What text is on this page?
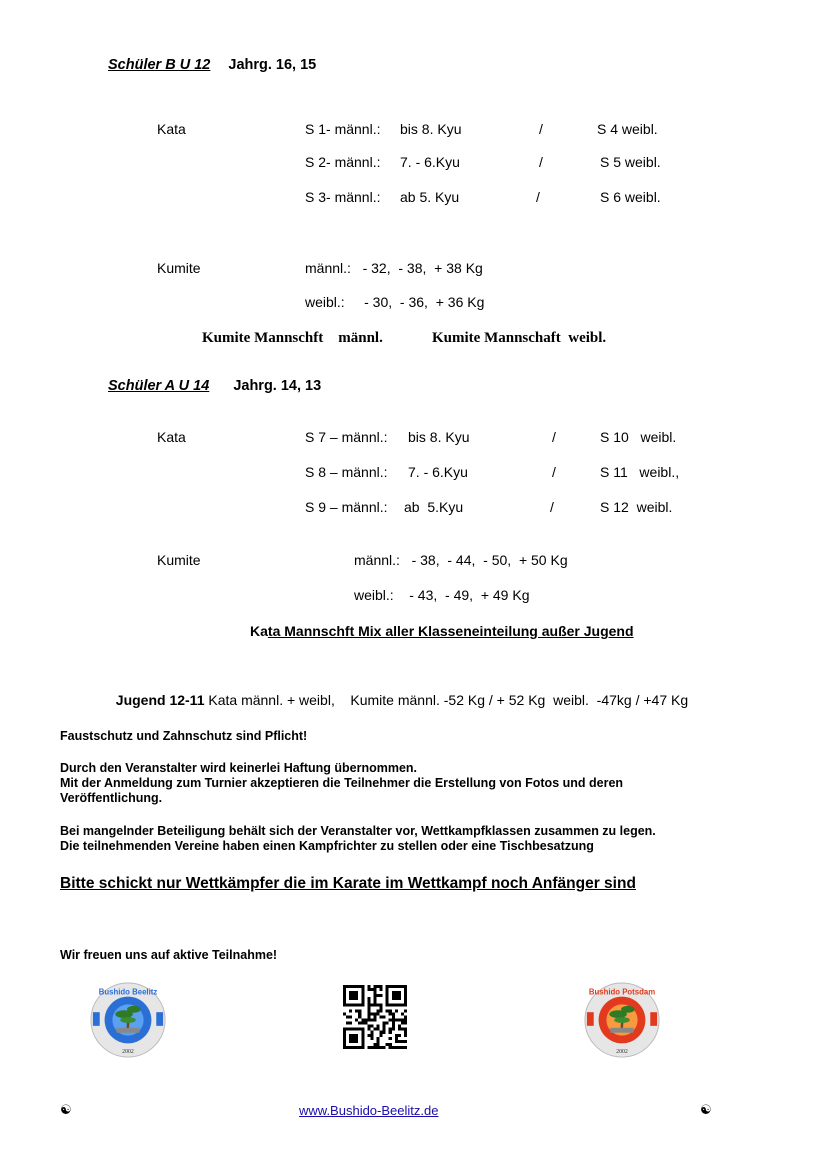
Schüler B U 12 Jahrg. 16, 15
Kata	S 1- männl.: bis 8. Kyu	/	S 4 weibl.
S 2- männl.: 7. - 6.Kyu	/	S 5 weibl.
S 3- männl.: ab 5. Kyu	/	S 6 weibl.
Kumite	männl.:   - 32,  - 38,  + 38 Kg
weibl.:     - 30,  - 36,  + 36 Kg
Kumite Mannschft    männl.	Kumite Mannschaft  weibl.
Schüler A U 14 Jahrg. 14, 13
Kata	S 7 – männl.: bis 8. Kyu	/	S 10   weibl.
S 8 – männl.: 7. - 6.Kyu	/	S 11   weibl.,
S 9 – männl.: ab  5.Kyu	/	S 12  weibl.
Kumite	männl.:   - 38,  - 44,  - 50,  + 50 Kg
weibl.:    - 43,  - 49,  + 49 Kg
Kata Mannschft Mix aller Klasseneinteilung außer Jugend

Jugend 12-11 Kata männl. + weibl,    Kumite männl. -52 Kg / + 52 Kg  weibl.  -47kg / +47 Kg

Faustschutz und Zahnschutz sind Pflicht!
Durch den Veranstalter wird keinerlei Haftung übernommen.
Mit der Anmeldung zum Turnier akzeptieren die Teilnehmer die Erstellung von Fotos und deren
Veröffentlichung.
Bei mangelnder Beteiligung behält sich der Veranstalter vor, Wettkampfklassen zusammen zu legen.
Die teilnehmenden Vereine haben einen Kampfrichter zu stellen oder eine Tischbesatzung
Bitte schickt nur Wettkämpfer die im Karate im Wettkampf noch Anfänger sind
Wir freuen uns auf aktive Teilnahme!
Bushido Beelitz
2002
Bushido Potsdam
2002
☯	www.Bushido-Beelitz.de	☯
